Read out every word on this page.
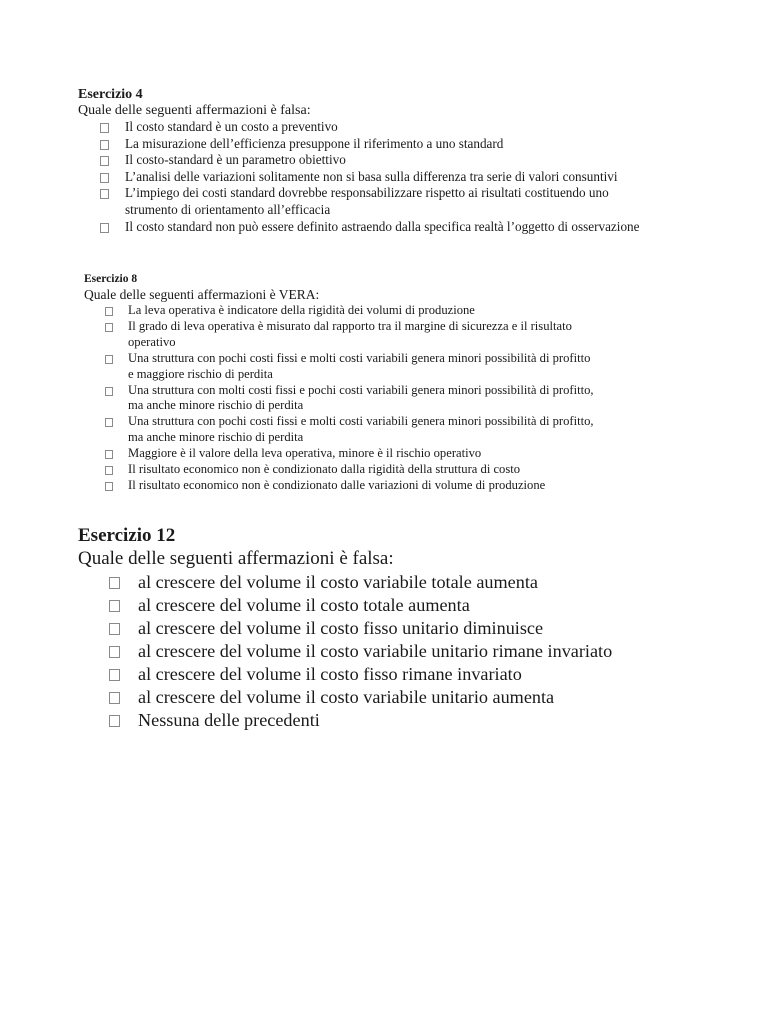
Esercizio 4
Quale delle seguenti affermazioni è falsa:
Il costo standard è un costo a preventivo
La misurazione dell’efficienza presuppone il riferimento a uno standard
Il costo-standard è un parametro obiettivo
L’analisi delle variazioni solitamente non si basa sulla differenza tra serie di valori consuntivi
L’impiego dei costi standard dovrebbe responsabilizzare rispetto ai risultati costituendo uno
strumento di orientamento all’efficacia
Il costo standard non può essere definito astraendo dalla specifica realtà l’oggetto di osservazione
Esercizio 8
Quale delle seguenti affermazioni è VERA:
La leva operativa è indicatore della rigidità dei volumi di produzione
Il grado di leva operativa è misurato dal rapporto tra il margine di sicurezza e il risultato
operativo
Una struttura con pochi costi fissi e molti costi variabili genera minori possibilità di profitto
e maggiore rischio di perdita
Una struttura con molti costi fissi e pochi costi variabili genera minori possibilità di profitto,
ma anche minore rischio di perdita
Una struttura con pochi costi fissi e molti costi variabili genera minori possibilità di profitto,
ma anche minore rischio di perdita
Maggiore è il valore della leva operativa, minore è il rischio operativo
Il risultato economico non è condizionato dalla rigidità della struttura di costo
Il risultato economico non è condizionato dalle variazioni di volume di produzione
Esercizio 12
Quale delle seguenti affermazioni è falsa:
al crescere del volume il costo variabile totale aumenta
al crescere del volume il costo totale aumenta
al crescere del volume il costo fisso unitario diminuisce
al crescere del volume il costo variabile unitario rimane invariato
al crescere del volume il costo fisso rimane invariato
al crescere del volume il costo variabile unitario aumenta
Nessuna delle precedenti
